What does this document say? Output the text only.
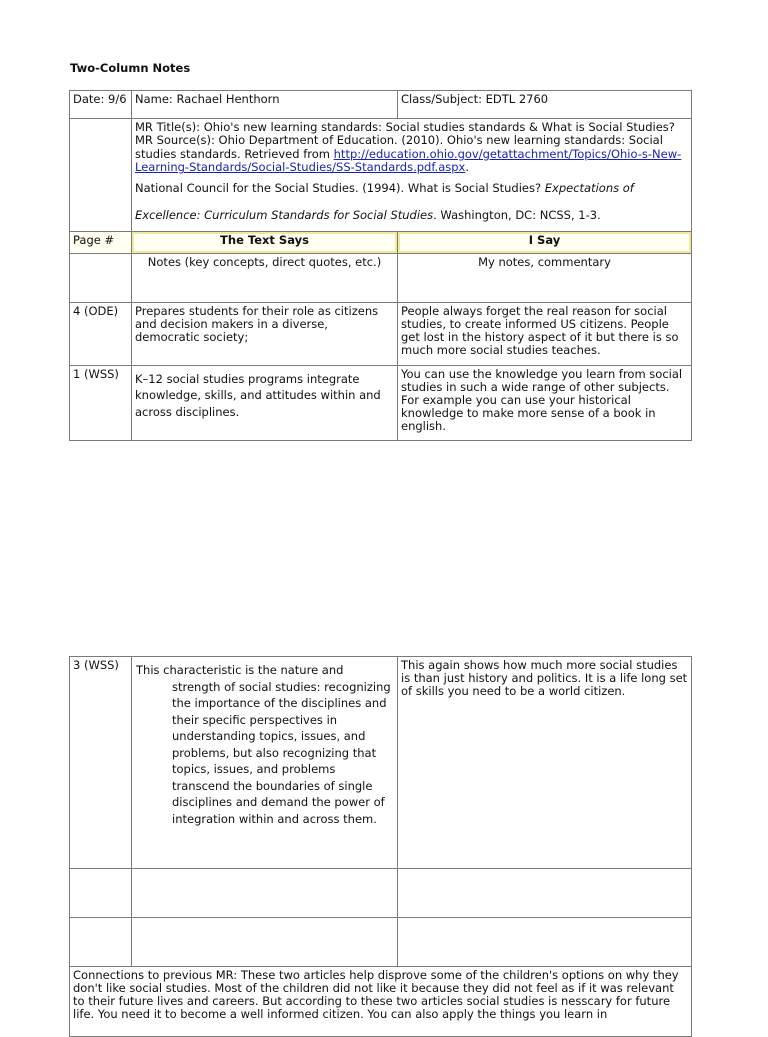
Two-Column Notes
Date: 9/6	Name: Rachael Henthorn	Class/Subject: EDTL 2760

	MR Title(s): Ohio's new learning standards: Social studies standards & What is Social Studies?
MR Source(s): Ohio Department of Education. (2010). Ohio's new learning standards: Social studies standards. Retrieved from http://education.ohio.gov/getattachment/Topics/Ohio-s-New-Learning-Standards/Social-Studies/SS-Standards.pdf.aspx.
National Council for the Social Studies. (1994). What is Social Studies? Expectations of Excellence: Curriculum Standards for Social Studies. Washington, DC: NCSS, 1-3.	

Page #	The Text Says	I Say
	Notes (key concepts, direct quotes, etc.)	My notes, commentary
4 (ODE)	Prepares students for their role as citizens and decision makers in a diverse, democratic society;	People always forget the real reason for social studies, to create informed US citizens. People get lost in the history aspect of it but there is so much more social studies teaches.
1 (WSS)	K–12 social studies programs integrate knowledge, skills, and attitudes within and across disciplines.	You can use the knowledge you learn from social studies in such a wide range of other subjects. For example you can use your historical knowledge to make more sense of a book in english.
3 (WSS)	This characteristic is the nature and strength of social studies: recognizing the importance of the disciplines and their specific perspectives in understanding topics, issues, and problems, but also recognizing that topics, issues, and problems transcend the boundaries of single disciplines and demand the power of integration within and across them.	This again shows how much more social studies is than just history and politics. It is a life long set of skills you need to be a world citizen.

Connections to previous MR: These two articles help disprove some of the children's options on why they don't like social studies. Most of the children did not like it because they did not feel as if it was relevant to their future lives and careers. But according to these two articles social studies is nesscary for future life. You need it to become a well informed citizen. You can also apply the things you learn in		
